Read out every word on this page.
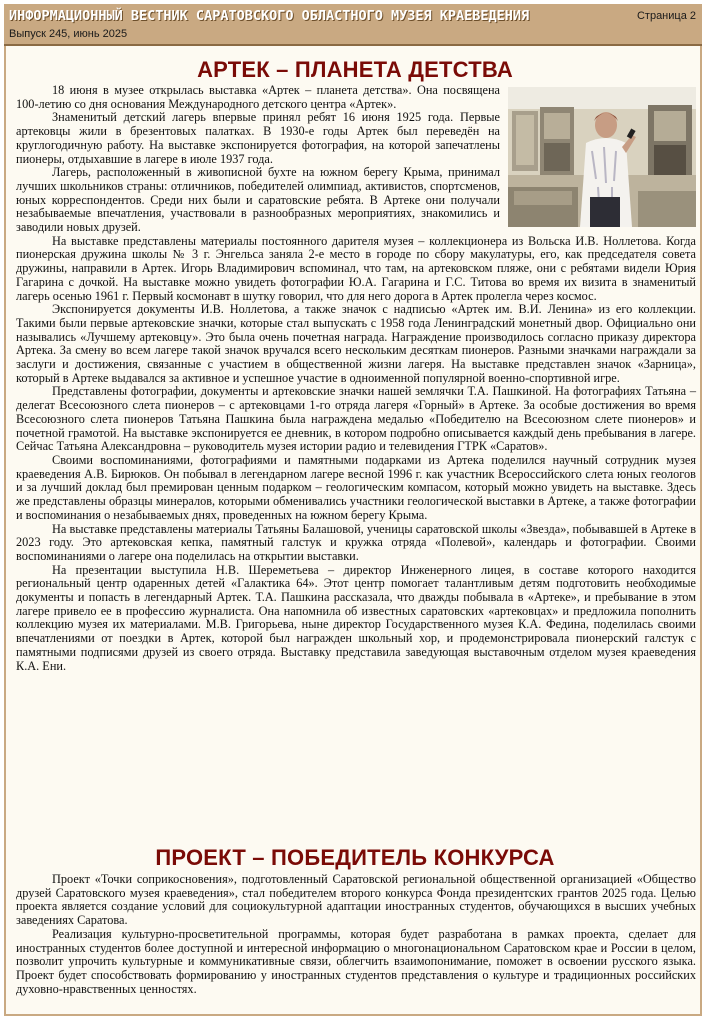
ИНФОРМАЦИОННЫЙ ВЕСТНИК САРАТОВСКОГО ОБЛАСТНОГО МУЗЕЯ КРАЕВЕДЕНИЯ
Выпуск 245, июнь 2025
Страница 2
АРТЕК – ПЛАНЕТА ДЕТСТВА

18 июня в музее открылась выставка «Артек – планета детства». Она посвящена 100-летию со дня основания Международного детского центра «Артек».

Знаменитый детский лагерь впервые принял ребят 16 июня 1925 года. Первые артековцы жили в брезентовых палатках. В 1930-е годы Артек был переведён на круглогодичную работу. На выставке экспонируется фотография, на которой запечатлены пионеры, отдыхавшие в лагере в июле 1937 года.

Лагерь, расположенный в живописной бухте на южном берегу Крыма, принимал лучших школьников страны: отличников, победителей олимпиад, активистов, спортсменов, юных корреспондентов. Среди них были и саратовские ребята. В Артеке они получали незабываемые впечатления, участвовали в разнообразных мероприятиях, знакомились и заводили новых друзей.

На выставке представлены материалы постоянного дарителя музея – коллекционера из Вольска И.В. Ноллетова. Когда пионерская дружина школы № 3 г. Энгельса заняла 2-е место в городе по сбору макулатуры, его, как председателя совета дружины, направили в Артек. Игорь Владимирович вспоминал, что там, на артековском пляже, они с ребятами видели Юрия Гагарина с дочкой. На выставке можно увидеть фотографии Ю.А. Гагарина и Г.С. Титова во время их визита в знаменитый лагерь осенью 1961 г. Первый космонавт в шутку говорил, что для него дорога в Артек пролегла через космос.

Экспонируется документы И.В. Ноллетова, а также значок с надписью «Артек им. В.И. Ленина» из его коллекции. Такими были первые артековские значки, которые стал выпускать с 1958 года Ленинградский монетный двор. Официально они назывались «Лучшему артековцу». Это была очень почетная награда. Награждение производилось согласно приказу директора Артека. За смену во всем лагере такой значок вручался всего нескольким десяткам пионеров. Разными значками награждали за заслуги и достижения, связанные с участием в общественной жизни лагеря. На выставке представлен значок «Зарница», который в Артеке выдавался за активное и успешное участие в одноименной популярной военно-спортивной игре.

Представлены фотографии, документы и артековские значки нашей землячки Т.А. Пашкиной. На фотографиях Татьяна – делегат Всесоюзного слета пионеров – с артековцами 1-го отряда лагеря «Горный» в Артеке. За особые достижения во время Всесоюзного слета пионеров Татьяна Пашкина была награждена медалью «Победителю на Всесоюзном слете пионеров» и почетной грамотой. На выставке экспонируется ее дневник, в котором подробно описывается каждый день пребывания в лагере. Сейчас Татьяна Александровна – руководитель музея истории радио и телевидения ГТРК «Саратов».

Своими воспоминаниями, фотографиями и памятными подарками из Артека поделился научный сотрудник музея краеведения А.В. Бирюков. Он побывал в легендарном лагере весной 1996 г. как участник Всероссийского слета юных геологов и за лучший доклад был премирован ценным подарком – геологическим компасом, который можно увидеть на выставке. Здесь же представлены образцы минералов, которыми обменивались участники геологической выставки в Артеке, а также фотографии и воспоминания о незабываемых днях, проведенных на южном берегу Крыма.

На выставке представлены материалы Татьяны Балашовой, ученицы саратовской школы «Звезда», побывавшей в Артеке в 2023 году. Это артековская кепка, памятный галстук и кружка отряда «Полевой», календарь и фотографии. Своими воспоминаниями о лагере она поделилась на открытии выставки.

На презентации выступила Н.В. Шереметьева – директор Инженерного лицея, в составе которого находится региональный центр одаренных детей «Галактика 64». Этот центр помогает талантливым детям подготовить необходимые документы и попасть в легендарный Артек. Т.А. Пашкина рассказала, что дважды побывала в «Артеке», и пребывание в этом лагере привело ее в профессию журналиста. Она напомнила об известных саратовских «артековцах» и предложила пополнить коллекцию музея их материалами. М.В. Григорьева, ныне директор Государственного музея К.А. Федина, поделилась своими впечатлениями от поездки в Артек, которой был награжден школьный хор, и продемонстрировала пионерский галстук с памятными подписями друзей из своего отряда. Выставку представила заведующая выставочным отделом музея краеведения К.А. Ени.

ПРОЕКТ – ПОБЕДИТЕЛЬ КОНКУРСА

Проект «Точки соприкосновения», подготовленный Саратовской региональной общественной организацией «Общество друзей Саратовского музея краеведения», стал победителем второго конкурса Фонда президентских грантов 2025 года. Целью проекта является создание условий для социокультурной адаптации иностранных студентов, обучающихся в высших учебных заведениях Саратова.

Реализация культурно-просветительной программы, которая будет разработана в рамках проекта, сделает для иностранных студентов более доступной и интересной информацию о многонациональном Саратовском крае и России в целом, позволит упрочить культурные и коммуникативные связи, облегчить взаимопонимание, поможет в освоении русского языка. Проект будет способствовать формированию у иностранных студентов представления о культуре и традиционных российских духовно-нравственных ценностях.
